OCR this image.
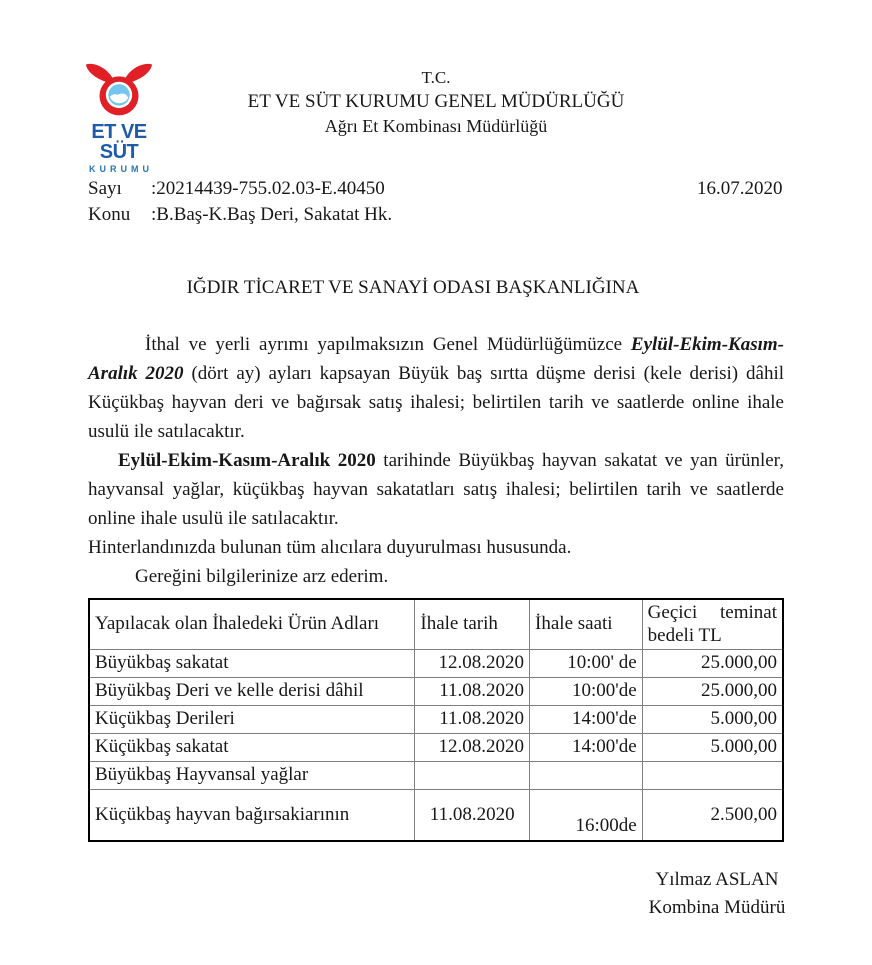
ET VE SÜT
KURUMU
T.C.
ET VE SÜT KURUMU GENEL MÜDÜRLÜĞÜ
Ağrı Et Kombinası Müdürlüğü
Sayı :20214439-755.02.03-E.40450
Konu :B.Baş-K.Baş Deri, Sakatat Hk.
16.07.2020
IĞDIR TİCARET VE SANAYİ ODASI BAŞKANLIĞINA

İthal ve yerli ayrımı yapılmaksızın Genel Müdürlüğümüzce Eylül-Ekim-Kasım-Aralık 2020 (dört ay) ayları kapsayan Büyük baş sırtta düşme derisi (kele derisi) dâhil Küçükbaş hayvan deri ve bağırsak satış ihalesi; belirtilen tarih ve saatlerde online ihale usulü ile satılacaktır.

Eylül-Ekim-Kasım-Aralık 2020 tarihinde Büyükbaş hayvan sakatat ve yan ürünler, hayvansal yağlar, küçükbaş hayvan sakatatları satış ihalesi; belirtilen tarih ve saatlerde online ihale usulü ile satılacaktır.

Hinterlandınızda bulunan tüm alıcılara duyurulması hususunda.

Gereğini bilgilerinize arz ederim.

Yapılacak olan İhaledeki Ürün Adları	İhale tarih	İhale saati	Geçici teminat bedeli TL
Büyükbaş sakatat	12.08.2020	10:00' de	25.000,00
Büyükbaş Deri ve kelle derisi dâhil	11.08.2020	10:00'de	25.000,00
Küçükbaş Derileri	11.08.2020	14:00'de	5.000,00
Küçükbaş sakatat	12.08.2020	14:00'de	5.000,00
Büyükbaş Hayvansal yağlar			
Küçükbaş hayvan bağırsakiarının	11.08.2020	16:00de	2.500,00
Yılmaz ASLAN
Kombina Müdürü
